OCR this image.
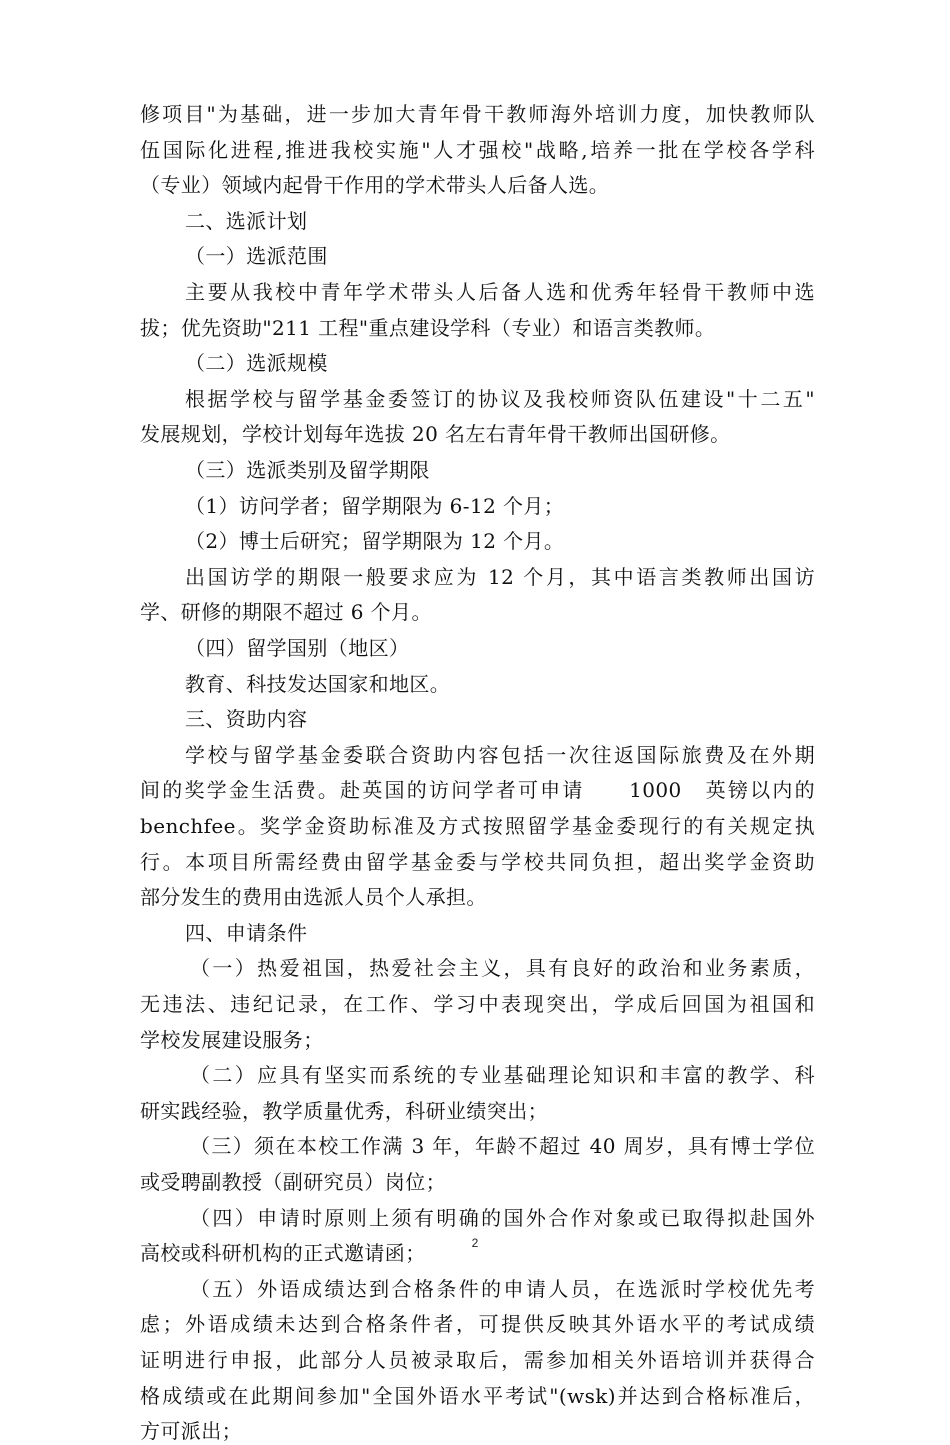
修项目"为基础，进一步加大青年骨干教师海外培训力度，加快教师队
伍国际化进程,推进我校实施"人才强校"战略,培养一批在学校各学科
（专业）领域内起骨干作用的学术带头人后备人选。
二、选派计划
（一）选派范围
主要从我校中青年学术带头人后备人选和优秀年轻骨干教师中选
拔；优先资助"211 工程"重点建设学科（专业）和语言类教师。
（二）选派规模
根据学校与留学基金委签订的协议及我校师资队伍建设"十二五"
发展规划，学校计划每年选拔 20 名左右青年骨干教师出国研修。
（三）选派类别及留学期限
（1）访问学者；留学期限为 6-12 个月；
（2）博士后研究；留学期限为 12 个月。
出国访学的期限一般要求应为 12 个月，其中语言类教师出国访
学、研修的期限不超过 6 个月。
（四）留学国别（地区）
教育、科技发达国家和地区。
三、资助内容
学校与留学基金委联合资助内容包括一次往返国际旅费及在外期
间的奖学金生活费。赴英国的访问学者可申请　　1000　英镑以内的
benchfee。奖学金资助标准及方式按照留学基金委现行的有关规定执
行。本项目所需经费由留学基金委与学校共同负担，超出奖学金资助
部分发生的费用由选派人员个人承担。
四、申请条件
（一）热爱祖国，热爱社会主义，具有良好的政治和业务素质，
无违法、违纪记录，在工作、学习中表现突出，学成后回国为祖国和
学校发展建设服务；
（二）应具有坚实而系统的专业基础理论知识和丰富的教学、科
研实践经验，教学质量优秀，科研业绩突出；
（三）须在本校工作满 3 年，年龄不超过 40 周岁，具有博士学位
或受聘副教授（副研究员）岗位；
（四）申请时原则上须有明确的国外合作对象或已取得拟赴国外
高校或科研机构的正式邀请函；
（五）外语成绩达到合格条件的申请人员，在选派时学校优先考
虑；外语成绩未达到合格条件者，可提供反映其外语水平的考试成绩
证明进行申报，此部分人员被录取后，需参加相关外语培训并获得合
格成绩或在此期间参加"全国外语水平考试"(wsk)并达到合格标准后，
方可派出；
2
